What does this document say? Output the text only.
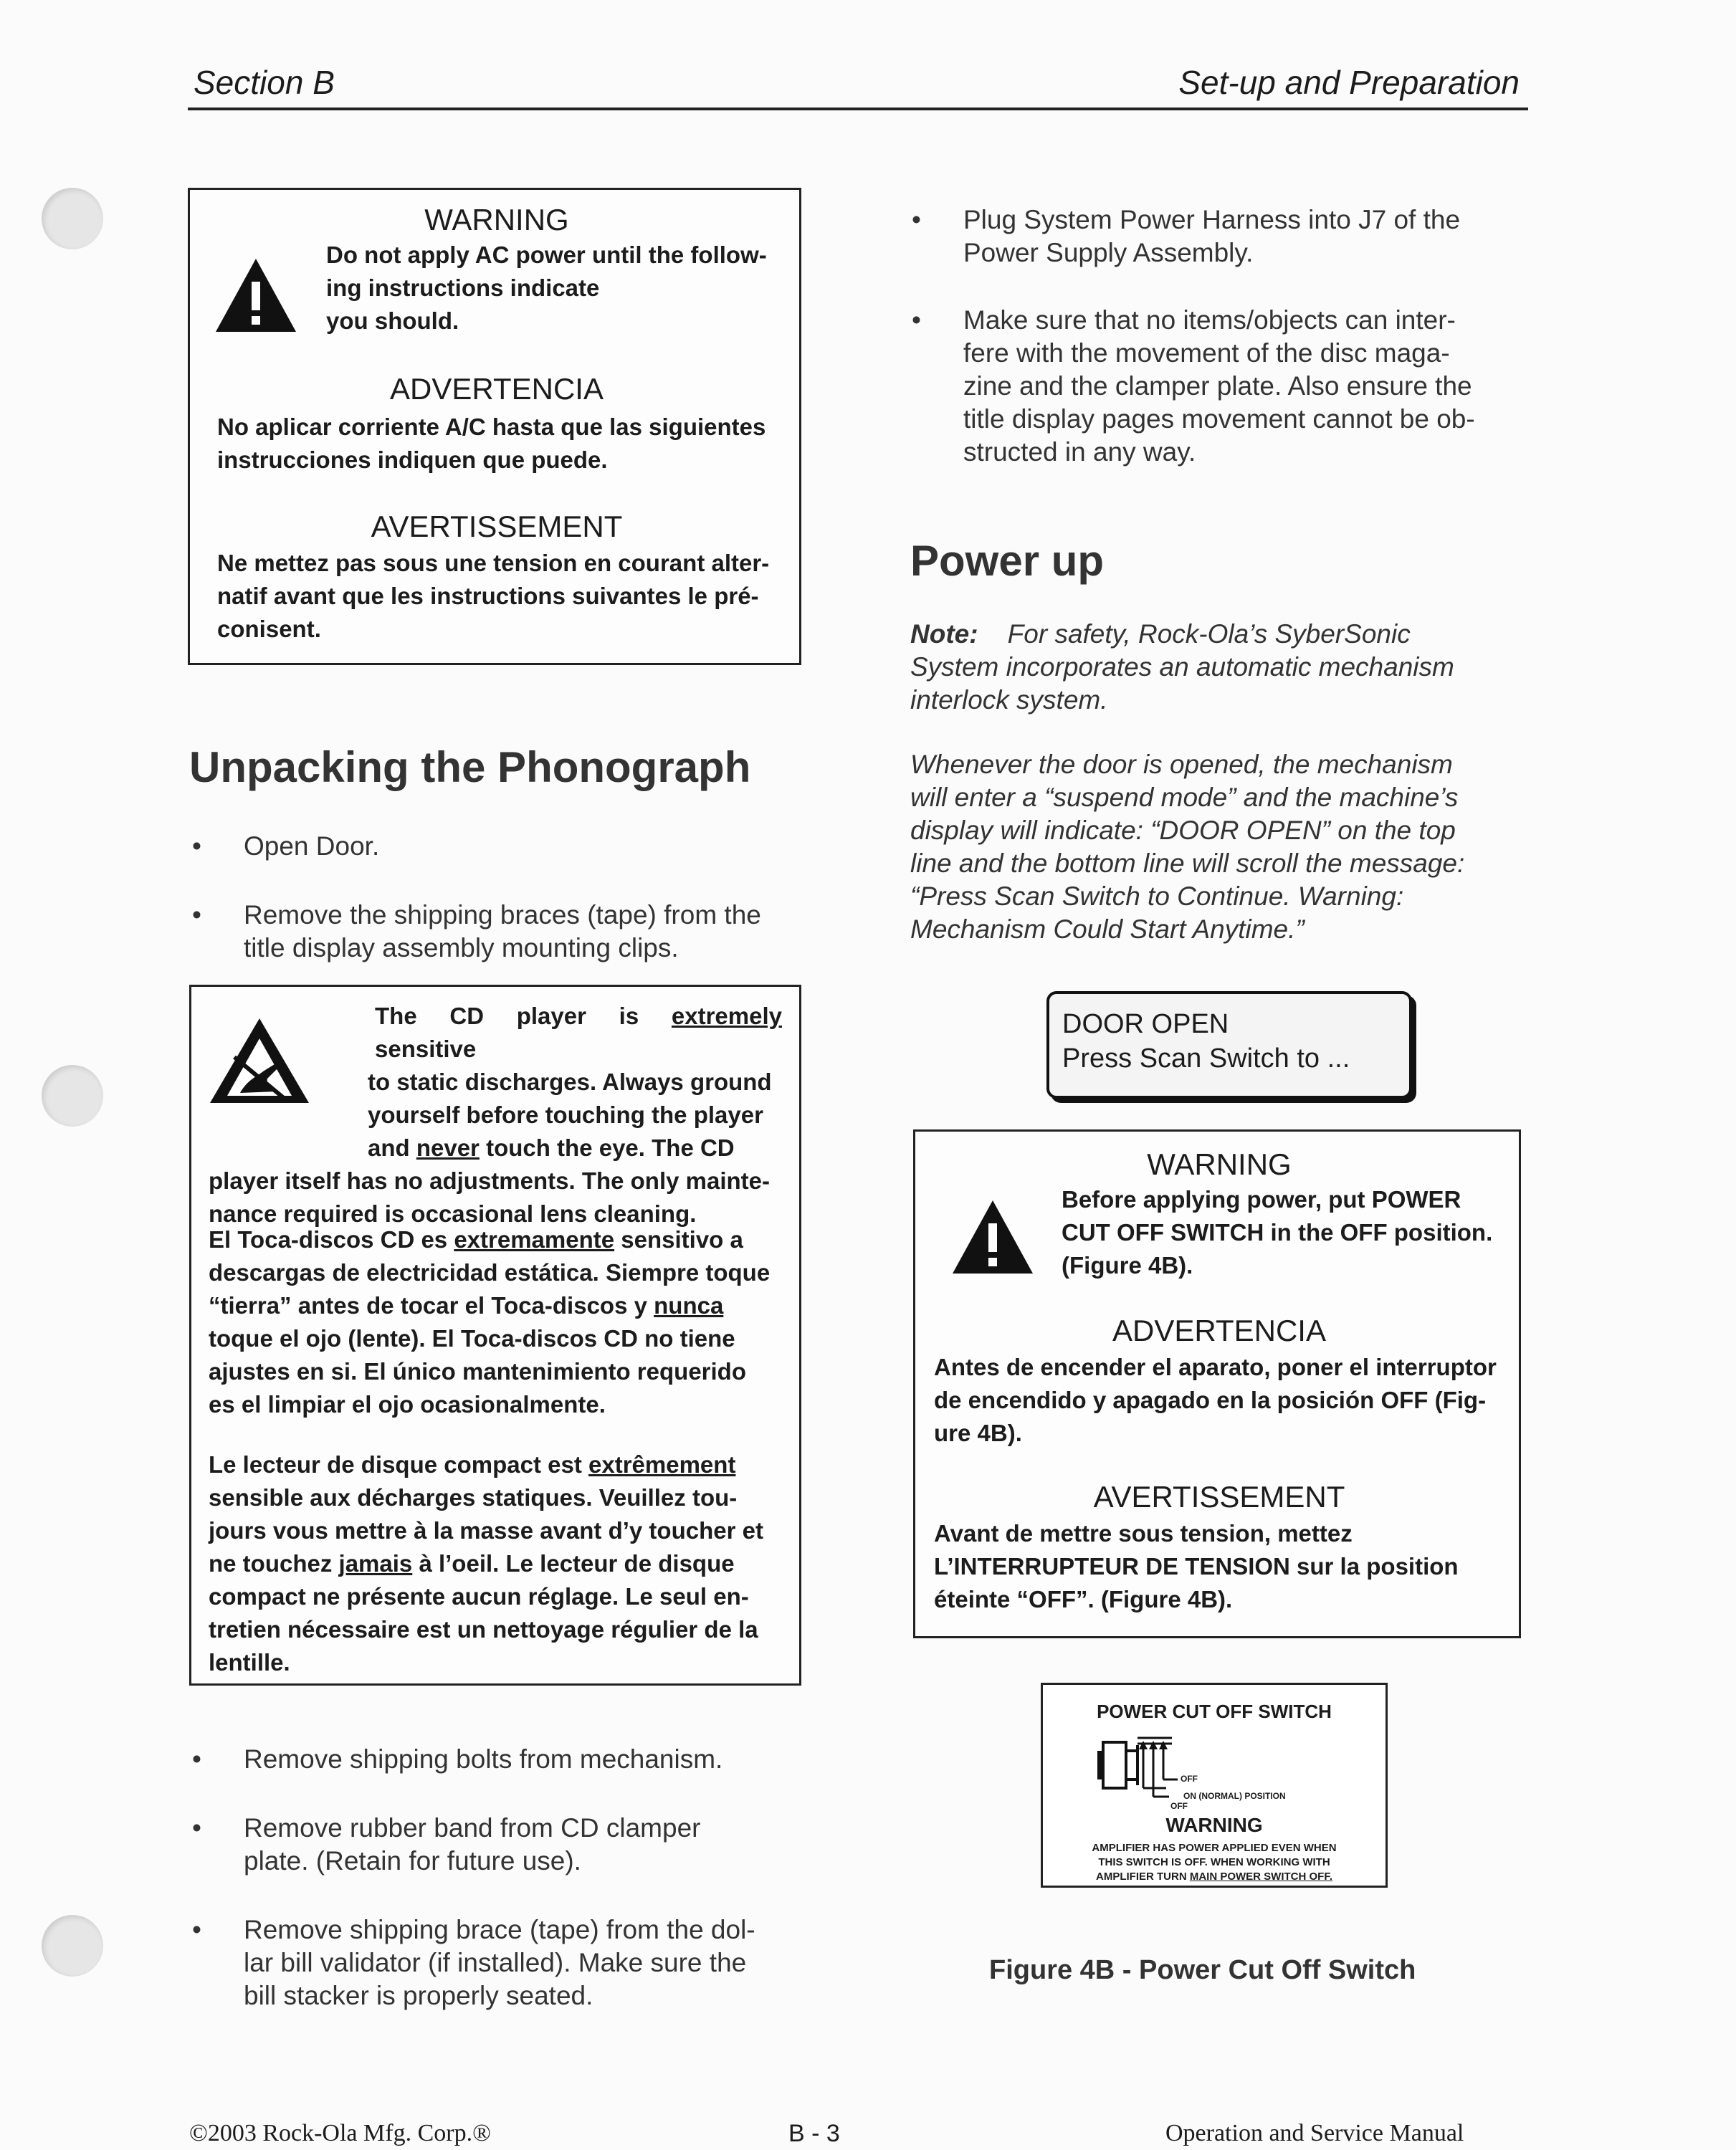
Section B	Set-up and Preparation
WARNING
Do not apply AC power until the follow-
ing instructions indicate
you should.
ADVERTENCIA
No aplicar corriente A/C hasta que las siguientes
instrucciones indiquen que puede.
AVERTISSEMENT
Ne mettez pas sous une tension en courant alter-
natif avant que les instructions suivantes le pré-
conisent.
Unpacking the Phonograph
• Open Door.
• Remove the shipping braces (tape) from the
title display assembly mounting clips.
The CD player is extremely sensitive
to static discharges. Always ground
yourself before touching the player
and never touch the eye. The CD
player itself has no adjustments. The only mainte-
nance required is occasional lens cleaning.
El Toca-discos CD es extremamente sensitivo a
descargas de electricidad estática. Siempre toque
“tierra” antes de tocar el Toca-discos y nunca
toque el ojo (lente). El Toca-discos CD no tiene
ajustes en si. El único mantenimiento requerido
es el limpiar el ojo ocasionalmente.
Le lecteur de disque compact est extrêmement
sensible aux décharges statiques. Veuillez tou-
jours vous mettre à la masse avant d’y toucher et
ne touchez jamais à l’oeil. Le lecteur de disque
compact ne présente aucun réglage. Le seul en-
tretien nécessaire est un nettoyage régulier de la
lentille.
• Remove shipping bolts from mechanism.
• Remove rubber band from CD clamper
plate. (Retain for future use).
• Remove shipping brace (tape) from the dol-
lar bill validator (if installed). Make sure the
bill stacker is properly seated.
• Plug System Power Harness into J7 of the
Power Supply Assembly.
• Make sure that no items/objects can inter-
fere with the movement of the disc maga-
zine and the clamper plate. Also ensure the
title display pages movement cannot be ob-
structed in any way.
Power up
Note: For safety, Rock-Ola’s SyberSonic
System incorporates an automatic mechanism
interlock system.
Whenever the door is opened, the mechanism
will enter a “suspend mode” and the machine’s
display will indicate: “DOOR OPEN” on the top
line and the bottom line will scroll the message:
“Press Scan Switch to Continue. Warning:
Mechanism Could Start Anytime.”
DOOR OPEN
Press Scan Switch to ...
WARNING
Before applying power, put POWER
CUT OFF SWITCH in the OFF position.
(Figure 4B).
ADVERTENCIA
Antes de encender el aparato, poner el interruptor
de encendido y apagado en la posición OFF (Fig-
ure 4B).
AVERTISSEMENT
Avant de mettre sous tension, mettez
L’INTERRUPTEUR DE TENSION sur la position
éteinte “OFF”. (Figure 4B).
POWER CUT OFF SWITCH
OFF
ON (NORMAL) POSITION
OFF
WARNING
AMPLIFIER HAS POWER APPLIED EVEN WHEN
THIS SWITCH IS OFF. WHEN WORKING WITH
AMPLIFIER TURN MAIN POWER SWITCH OFF.
Figure 4B - Power Cut Off Switch
©2003 Rock-Ola Mfg. Corp.®	B - 3	Operation and Service Manual
